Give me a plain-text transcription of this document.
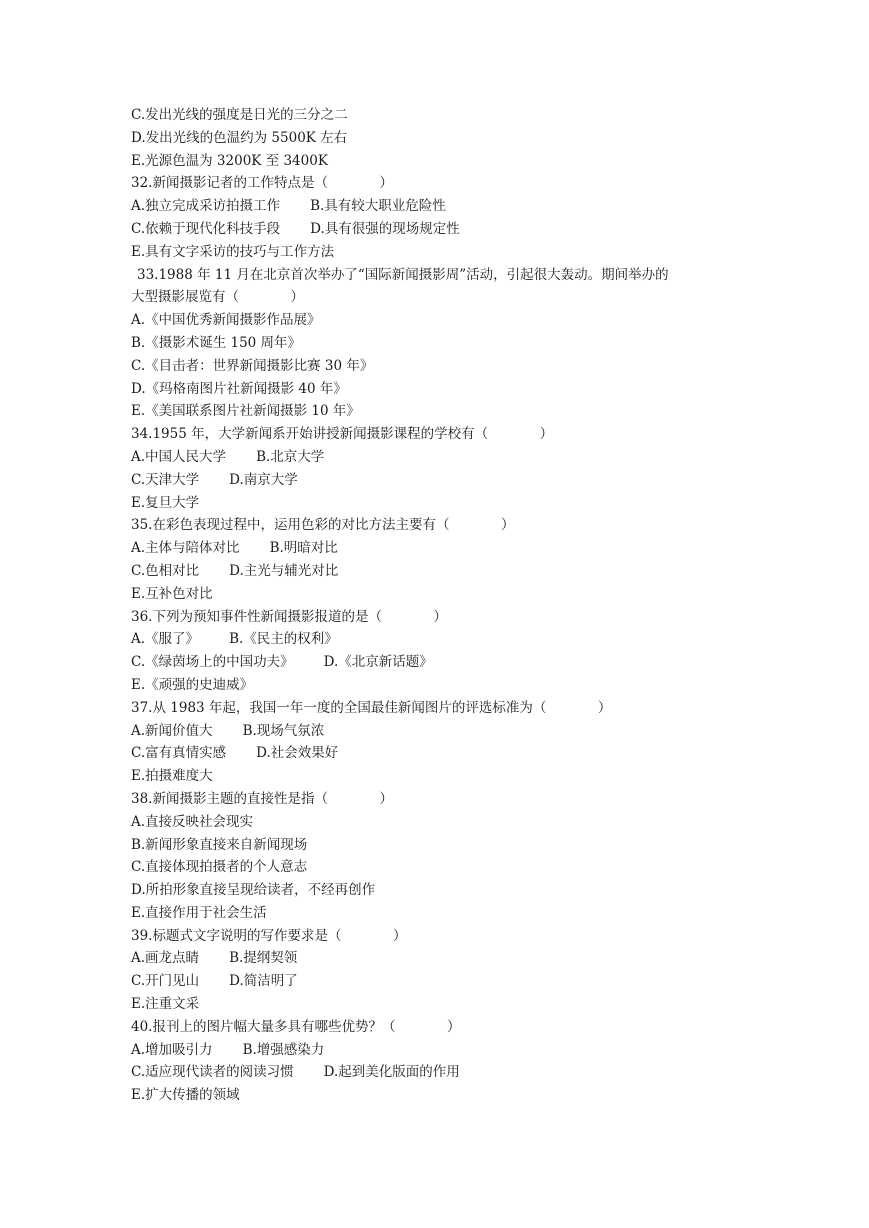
C.发出光线的强度是日光的三分之二
D.发出光线的色温约为 5500K 左右
E.光源色温为 3200K 至 3400K
32.新闻摄影记者的工作特点是（            ）
A.独立完成采访拍摄工作       B.具有较大职业危险性
C.依赖于现代化科技手段       D.具有很强的现场规定性
E.具有文字采访的技巧与工作方法
33.1988 年 11 月在北京首次举办了“国际新闻摄影周”活动，引起很大轰动。期间举办的
大型摄影展览有（            ）
A.《中国优秀新闻摄影作品展》
B.《摄影术诞生 150 周年》
C.《目击者：世界新闻摄影比赛 30 年》
D.《玛格南图片社新闻摄影 40 年》
E.《美国联系图片社新闻摄影 10 年》
34.1955 年，大学新闻系开始讲授新闻摄影课程的学校有（            ）
A.中国人民大学       B.北京大学
C.天津大学       D.南京大学
E.复旦大学
35.在彩色表现过程中，运用色彩的对比方法主要有（            ）
A.主体与陪体对比       B.明暗对比
C.色相对比       D.主光与辅光对比
E.互补色对比
36.下列为预知事件性新闻摄影报道的是（            ）
A.《服了》       B.《民主的权利》
C.《绿茵场上的中国功夫》       D.《北京新话题》
E.《顽强的史迪威》
37.从 1983 年起，我国一年一度的全国最佳新闻图片的评选标准为（            ）
A.新闻价值大       B.现场气氛浓
C.富有真情实感       D.社会效果好
E.拍摄难度大
38.新闻摄影主题的直接性是指（            ）
A.直接反映社会现实
B.新闻形象直接来自新闻现场
C.直接体现拍摄者的个人意志
D.所拍形象直接呈现给读者，不经再创作
E.直接作用于社会生活
39.标题式文字说明的写作要求是（            ）
A.画龙点睛       B.提纲契领
C.开门见山       D.简洁明了
E.注重文采
40.报刊上的图片幅大量多具有哪些优势？（            ）
A.增加吸引力       B.增强感染力
C.适应现代读者的阅读习惯       D.起到美化版面的作用
E.扩大传播的领域
